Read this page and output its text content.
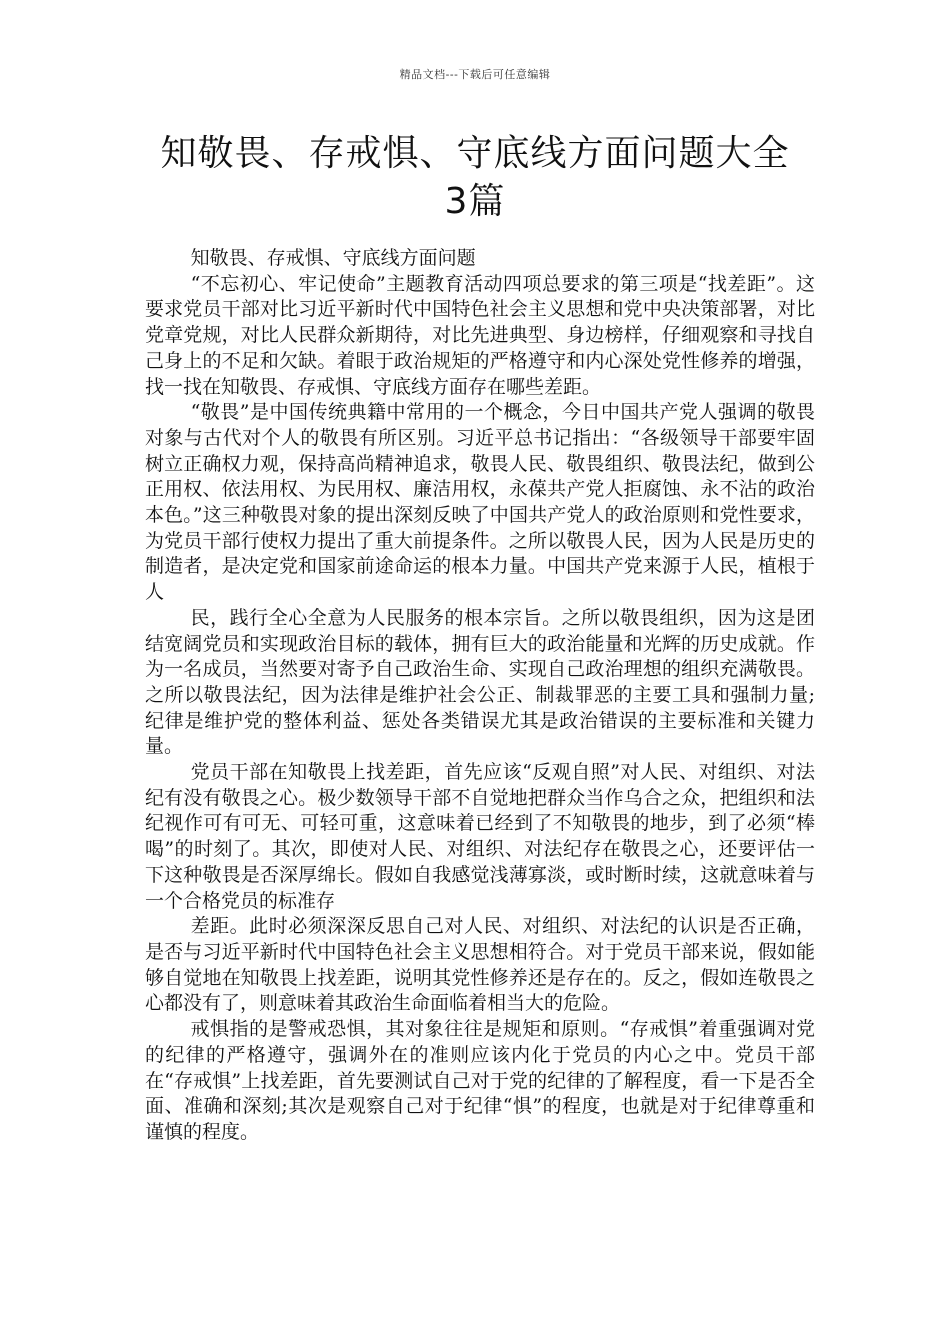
精品文档---下载后可任意编辑
知敬畏、存戒惧、守底线方面问题大全
3篇

知敬畏、存戒惧、守底线方面问题

“不忘初心、牢记使命”主题教育活动四项总要求的第三项是“找差距”。这要求党员干部对比习近平新时代中国特色社会主义思想和党中央决策部署，对比党章党规，对比人民群众新期待，对比先进典型、身边榜样，仔细观察和寻找自己身上的不足和欠缺。着眼于政治规矩的严格遵守和内心深处党性修养的增强，找一找在知敬畏、存戒惧、守底线方面存在哪些差距。

“敬畏”是中国传统典籍中常用的一个概念，今日中国共产党人强调的敬畏对象与古代对个人的敬畏有所区别。习近平总书记指出：“各级领导干部要牢固树立正确权力观，保持高尚精神追求，敬畏人民、敬畏组织、敬畏法纪，做到公正用权、依法用权、为民用权、廉洁用权，永葆共产党人拒腐蚀、永不沾的政治本色。”这三种敬畏对象的提出深刻反映了中国共产党人的政治原则和党性要求，为党员干部行使权力提出了重大前提条件。之所以敬畏人民，因为人民是历史的制造者，是决定党和国家前途命运的根本力量。中国共产党来源于人民，植根于人

民，践行全心全意为人民服务的根本宗旨。之所以敬畏组织，因为这是团结宽阔党员和实现政治目标的载体，拥有巨大的政治能量和光辉的历史成就。作为一名成员，当然要对寄予自己政治生命、实现自己政治理想的组织充满敬畏。之所以敬畏法纪，因为法律是维护社会公正、制裁罪恶的主要工具和强制力量;纪律是维护党的整体利益、惩处各类错误尤其是政治错误的主要标准和关键力量。

党员干部在知敬畏上找差距，首先应该“反观自照”对人民、对组织、对法纪有没有敬畏之心。极少数领导干部不自觉地把群众当作乌合之众，把组织和法纪视作可有可无、可轻可重，这意味着已经到了不知敬畏的地步，到了必须“棒喝”的时刻了。其次，即使对人民、对组织、对法纪存在敬畏之心，还要评估一下这种敬畏是否深厚绵长。假如自我感觉浅薄寡淡，或时断时续，这就意味着与一个合格党员的标准存

差距。此时必须深深反思自己对人民、对组织、对法纪的认识是否正确，是否与习近平新时代中国特色社会主义思想相符合。对于党员干部来说，假如能够自觉地在知敬畏上找差距，说明其党性修养还是存在的。反之，假如连敬畏之心都没有了，则意味着其政治生命面临着相当大的危险。

戒惧指的是警戒恐惧，其对象往往是规矩和原则。“存戒惧”着重强调对党的纪律的严格遵守，强调外在的准则应该内化于党员的内心之中。党员干部在“存戒惧”上找差距，首先要测试自己对于党的纪律的了解程度，看一下是否全面、准确和深刻;其次是观察自己对于纪律“惧”的程度，也就是对于纪律尊重和谨慎的程度。
